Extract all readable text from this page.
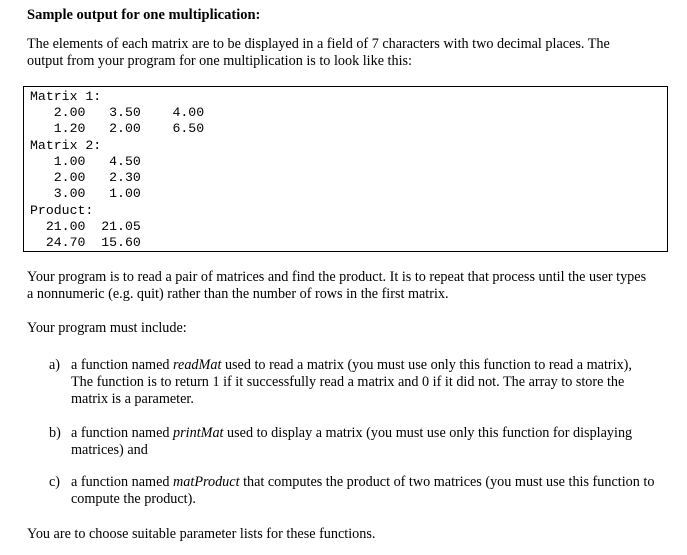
Sample output for one multiplication:
The elements of each matrix are to be displayed in a field of 7 characters with two decimal places. The
output from your program for one multiplication is to look like this:
Matrix 1:
2.00   3.50    4.00
1.20   2.00    6.50
Matrix 2:
1.00   4.50
2.00   2.30
3.00   1.00
Product:
21.00  21.05
24.70  15.60
Your program is to read a pair of matrices and find the product. It is to repeat that process until the user types
a nonnumeric (e.g. quit) rather than the number of rows in the first matrix.
Your program must include:
a) a function named readMat used to read a matrix (you must use only this function to read a matrix),
The function is to return 1 if it successfully read a matrix and 0 if it did not. The array to store the
matrix is a parameter.
b) a function named printMat used to display a matrix (you must use only this function for displaying
matrices) and
c) a function named matProduct that computes the product of two matrices (you must use this function to
compute the product).
You are to choose suitable parameter lists for these functions.
